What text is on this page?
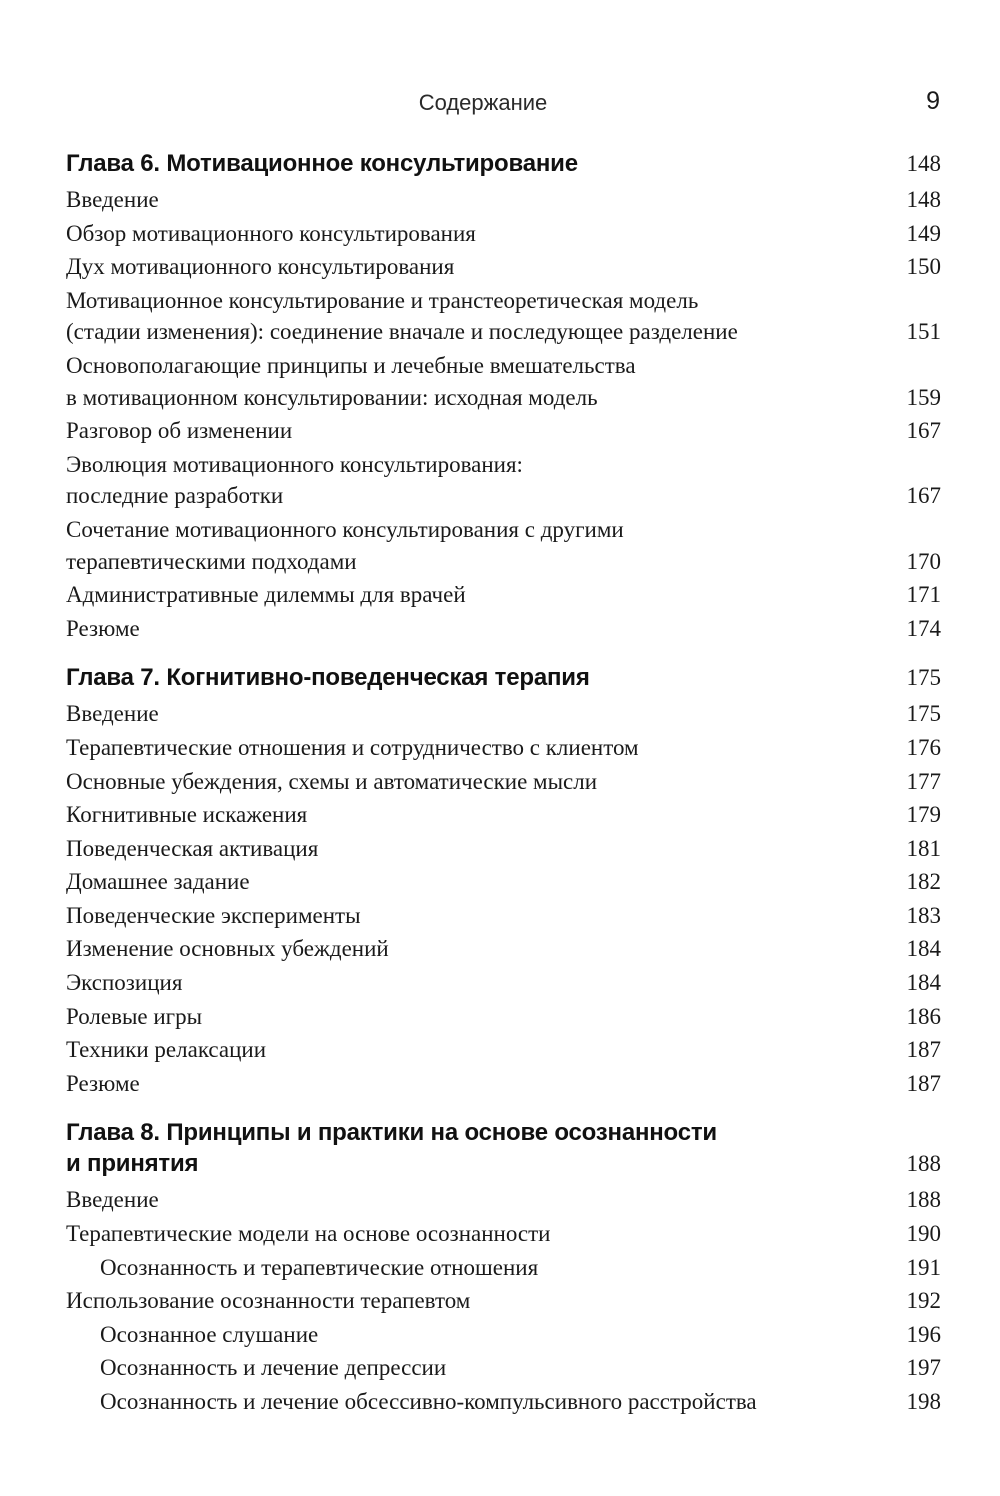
Содержание	9
Глава 6. Мотивационное консультирование	148
Введение	148
Обзор мотивационного консультирования	149
Дух мотивационного консультирования	150
Мотивационное консультирование и транстеоретическая модель
(стадии изменения): соединение вначале и последующее разделение	151
Основополагающие принципы и лечебные вмешательства
в мотивационном консультировании: исходная модель	159
Разговор об изменении	167
Эволюция мотивационного консультирования:
последние разработки	167
Сочетание мотивационного консультирования с другими
терапевтическими подходами	170
Административные дилеммы для врачей	171
Резюме	174
Глава 7. Когнитивно-поведенческая терапия	175
Введение	175
Терапевтические отношения и сотрудничество с клиентом	176
Основные убеждения, схемы и автоматические мысли	177
Когнитивные искажения	179
Поведенческая активация	181
Домашнее задание	182
Поведенческие эксперименты	183
Изменение основных убеждений	184
Экспозиция	184
Ролевые игры	186
Техники релаксации	187
Резюме	187
Глава 8. Принципы и практики на основе осознанности
и принятия	188
Введение	188
Терапевтические модели на основе осознанности	190
Осознанность и терапевтические отношения	191
Использование осознанности терапевтом	192
Осознанное слушание	196
Осознанность и лечение депрессии	197
Осознанность и лечение обсессивно-компульсивного расстройства	198
